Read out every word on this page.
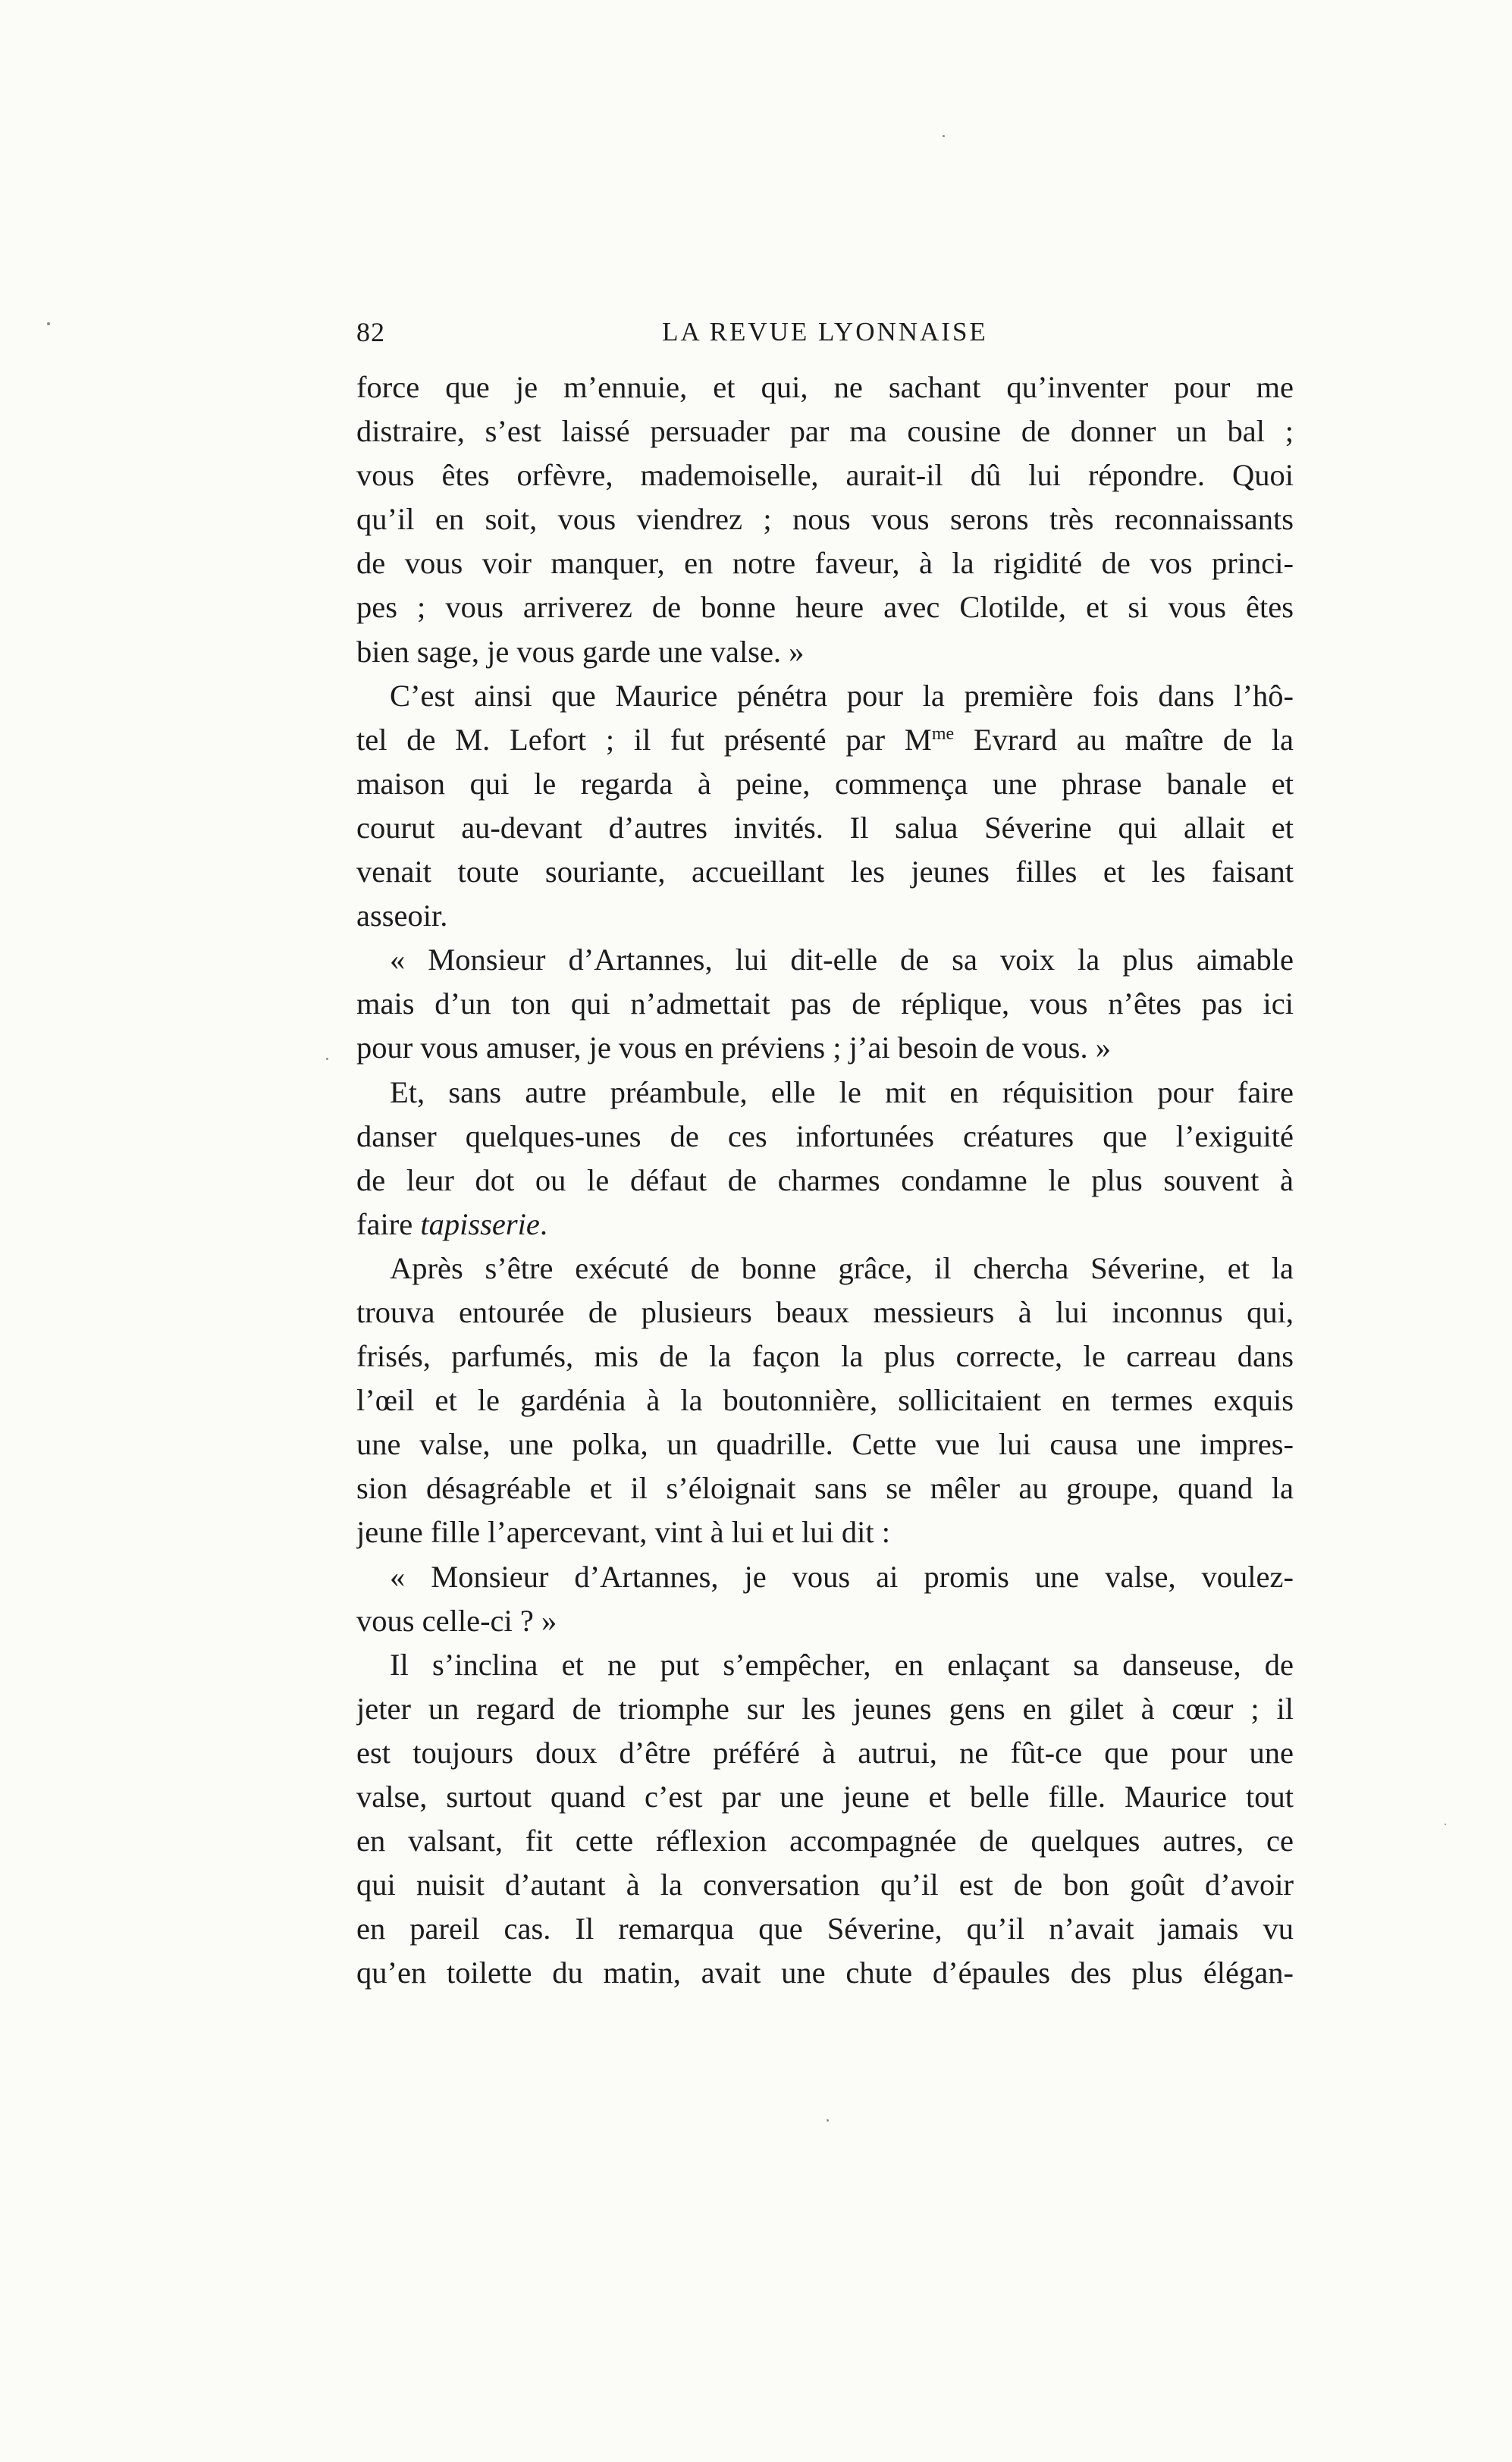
82	LA REVUE LYONNAISE
force que je m’ennuie, et qui, ne sachant qu’inventer pour me
distraire, s’est laissé persuader par ma cousine de donner un bal ;
vous êtes orfèvre, mademoiselle, aurait-il dû lui répondre. Quoi
qu’il en soit, vous viendrez ; nous vous serons très reconnaissants
de vous voir manquer, en notre faveur, à la rigidité de vos princi-
pes ; vous arriverez de bonne heure avec Clotilde, et si vous êtes
bien sage, je vous garde une valse. »
C’est ainsi que Maurice pénétra pour la première fois dans l’hô-
tel de M. Lefort ; il fut présenté par $M^{me}$ Evrard au maître de la
maison qui le regarda à peine, commença une phrase banale et
courut au-devant d’autres invités. Il salua Séverine qui allait et
venait toute souriante, accueillant les jeunes filles et les faisant
asseoir.
« Monsieur d’Artannes, lui dit-elle de sa voix la plus aimable
mais d’un ton qui n’admettait pas de réplique, vous n’êtes pas ici
pour vous amuser, je vous en préviens ; j’ai besoin de vous. »
Et, sans autre préambule, elle le mit en réquisition pour faire
danser quelques-unes de ces infortunées créatures que l’exiguité
de leur dot ou le défaut de charmes condamne le plus souvent à
faire tapisserie.
Après s’être exécuté de bonne grâce, il chercha Séverine, et la
trouva entourée de plusieurs beaux messieurs à lui inconnus qui,
frisés, parfumés, mis de la façon la plus correcte, le carreau dans
l’œil et le gardénia à la boutonnière, sollicitaient en termes exquis
une valse, une polka, un quadrille. Cette vue lui causa une impres-
sion désagréable et il s’éloignait sans se mêler au groupe, quand la
jeune fille l’apercevant, vint à lui et lui dit :
« Monsieur d’Artannes, je vous ai promis une valse, voulez-
vous celle-ci ? »
Il s’inclina et ne put s’empêcher, en enlaçant sa danseuse, de
jeter un regard de triomphe sur les jeunes gens en gilet à cœur ; il
est toujours doux d’être préféré à autrui, ne fût-ce que pour une
valse, surtout quand c’est par une jeune et belle fille. Maurice tout
en valsant, fit cette réflexion accompagnée de quelques autres, ce
qui nuisit d’autant à la conversation qu’il est de bon goût d’avoir
en pareil cas. Il remarqua que Séverine, qu’il n’avait jamais vu
qu’en toilette du matin, avait une chute d’épaules des plus élégan-
